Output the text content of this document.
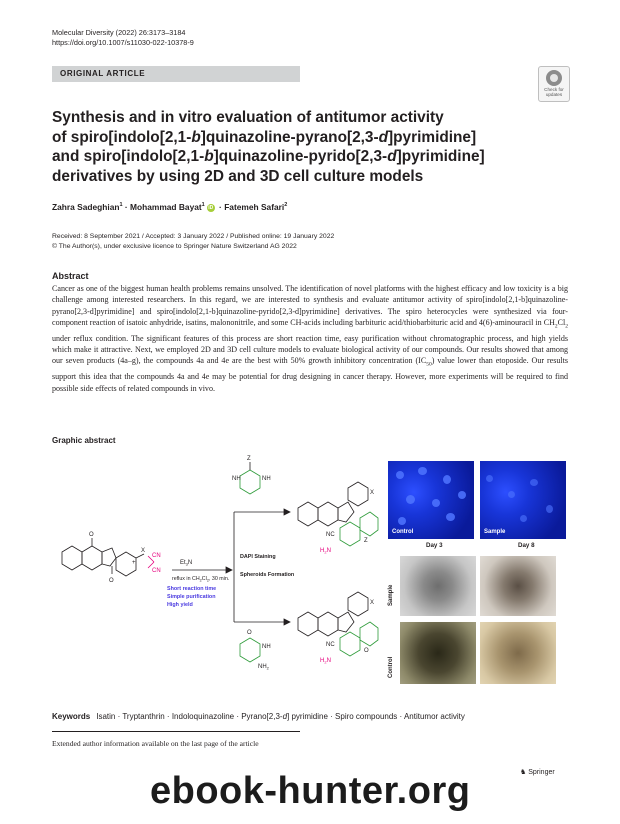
Molecular Diversity (2022) 26:3173–3184
https://doi.org/10.1007/s11030-022-10378-9
ORIGINAL ARTICLE
Check for
updates
Synthesis and in vitro evaluation of antitumor activity
of spiro[indolo[2,1-b]quinazoline-pyrano[2,3-d]pyrimidine]
and spiro[indolo[2,1-b]quinazoline-pyrido[2,3-d]pyrimidine]
derivatives by using 2D and 3D cell culture models
Zahra Sadeghian$^1$ · Mohammad Bayat$^1$ iD · Fatemeh Safari$^2$
Received: 8 September 2021 / Accepted: 3 January 2022 / Published online: 19 January 2022
© The Author(s), under exclusive licence to Springer Nature Switzerland AG 2022
Abstract
Cancer as one of the biggest human health problems remains unsolved. The identification of novel platforms with the highest efficacy and low toxicity is a big challenge among interested researchers. In this regard, we are interested to synthesis and evaluate antitumor activity of spiro[indolo[2,1-b]quinazoline-pyrano[2,3-d]pyrimidine] and spiro[indolo[2,1-b]quinazoline-pyrido[2,3-d]pyrimidine] derivatives. The spiro heterocycles were synthesized via four-component reaction of isatoic anhydride, isatins, malononitrile, and some CH-acids including barbituric acid/thiobarbituric acid and 4(6)-aminouracil in $CH_2Cl_2$ under reflux condition. The significant features of this process are short reaction time, easy purification without chromatographic process, and high yields which make it attractive. Next, we employed 2D and 3D cell culture models to evaluate biological activity of our compounds. Our results showed that among our seven products (4a–g), the compounds 4a and 4e are the best with 50% growth inhibitory concentration $(IC_{50})$ value lower than etoposide. Our results support this idea that the compounds 4a and 4e may be potential for drug designing in cancer therapy. However, more experiments will be required to find possible side effects of related compounds in vivo.
Graphic abstract
O
O
X
+
CN
CN
$Et_3N$
reflux in $CH_2Cl_2$, 30 min.
Short reaction time
Simple purification
High yield
DAPI Staining
Spheroids Formation
Z
NH
NH
O
NH
$NH_2$
X
X
NC
NC
$H_2N$
$H_2N$
Z
O
Control	Sample
Day 3	Day 8
Sample
Control
Keywords Isatin · Tryptanthrin · Indoloquinazoline · Pyrano[2,3-d] pyrimidine · Spiro compounds · Antitumor activity
Extended author information available on the last page of the article
♞ Springer
ebook-hunter.org
